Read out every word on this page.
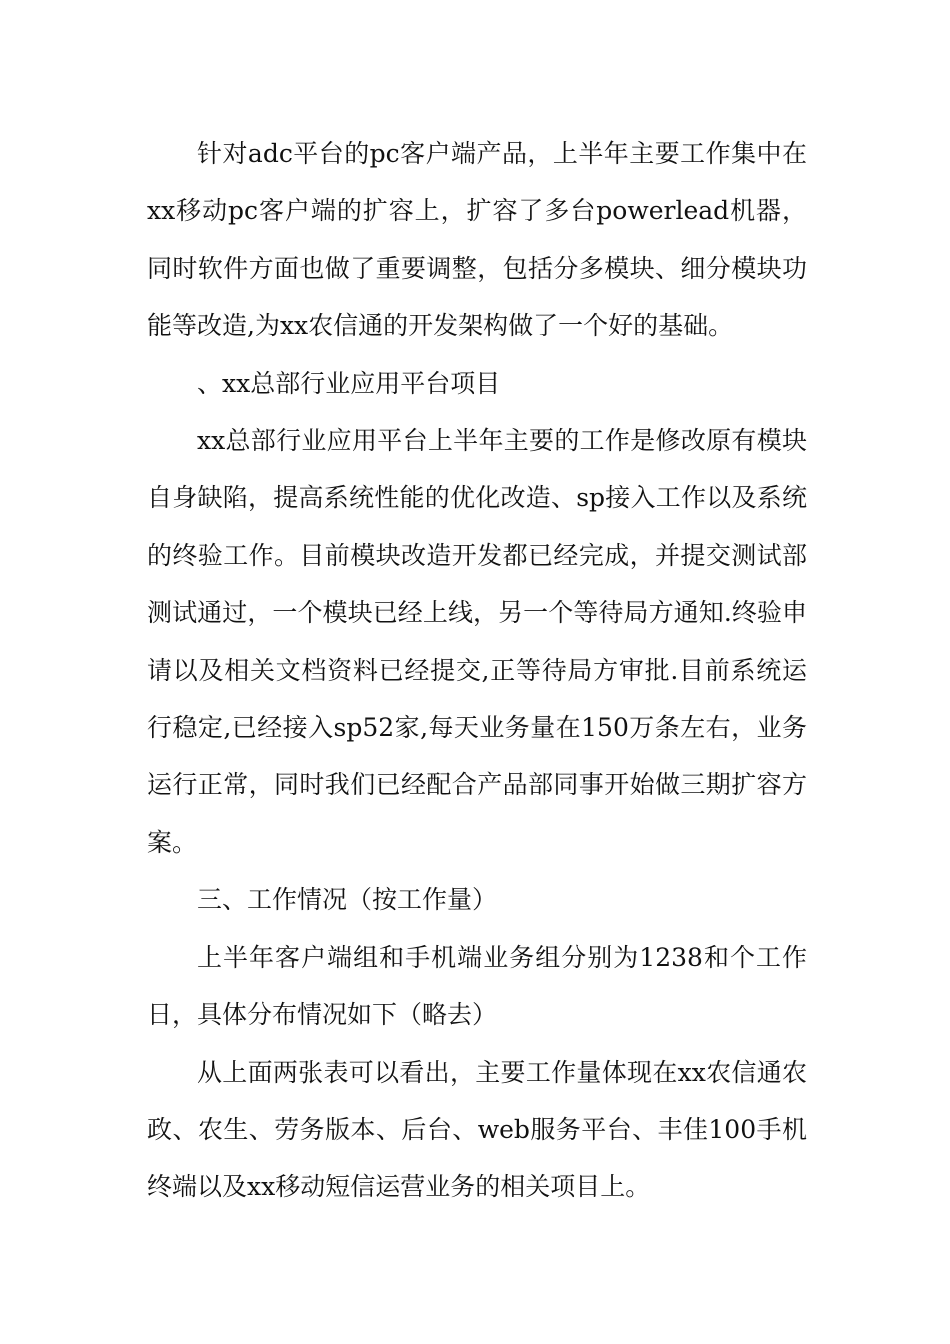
针对adc平台的pc客户端产品，上半年主要工作集中在xx移动pc客户端的扩容上，扩容了多台powerlead机器，同时软件方面也做了重要调整，包括分多模块、细分模块功能等改造,为xx农信通的开发架构做了一个好的基础。

、xx总部行业应用平台项目

xx总部行业应用平台上半年主要的工作是修改原有模块自身缺陷，提高系统性能的优化改造、sp接入工作以及系统的终验工作。目前模块改造开发都已经完成，并提交测试部测试通过，一个模块已经上线，另一个等待局方通知.终验申请以及相关文档资料已经提交,正等待局方审批.目前系统运行稳定,已经接入sp52家,每天业务量在150万条左右，业务运行正常，同时我们已经配合产品部同事开始做三期扩容方案。

三、工作情况（按工作量）

上半年客户端组和手机端业务组分别为1238和个工作日，具体分布情况如下（略去）

从上面两张表可以看出，主要工作量体现在xx农信通农政、农生、劳务版本、后台、web服务平台、丰佳100手机终端以及xx移动短信运营业务的相关项目上。
